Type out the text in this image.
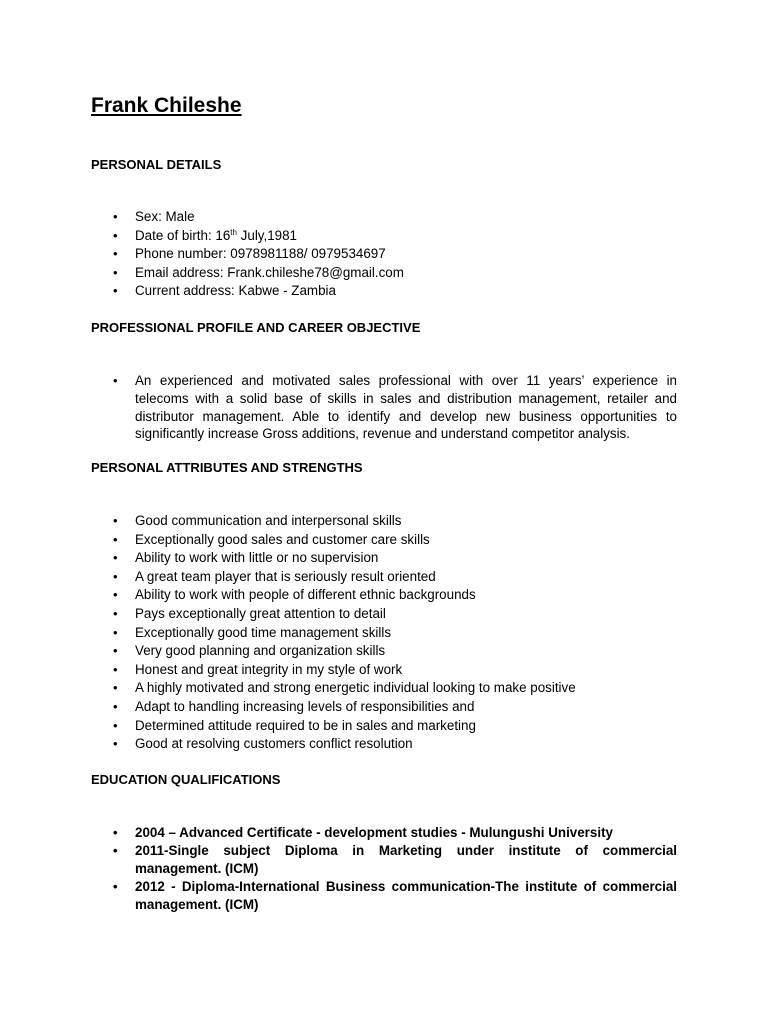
Frank Chileshe
PERSONAL DETAILS
• Sex: Male
• Date of birth: 16th July,1981
• Phone number: 0978981188/ 0979534697
• Email address: Frank.chileshe78@gmail.com
• Current address: Kabwe - Zambia
PROFESSIONAL PROFILE AND CAREER OBJECTIVE
• An experienced and motivated sales professional with over 11 years’ experience in telecoms with a solid base of skills in sales and distribution management, retailer and distributor management. Able to identify and develop new business opportunities to significantly increase Gross additions, revenue and understand competitor analysis.
PERSONAL ATTRIBUTES AND STRENGTHS
• Good communication and interpersonal skills
• Exceptionally good sales and customer care skills
• Ability to work with little or no supervision
• A great team player that is seriously result oriented
• Ability to work with people of different ethnic backgrounds
• Pays exceptionally great attention to detail
• Exceptionally good time management skills
• Very good planning and organization skills
• Honest and great integrity in my style of work
• A highly motivated and strong energetic individual looking to make positive
• Adapt to handling increasing levels of responsibilities and
• Determined attitude required to be in sales and marketing
• Good at resolving customers conflict resolution
EDUCATION QUALIFICATIONS
• 2004 – Advanced Certificate - development studies - Mulungushi University
• 2011-Single subject Diploma in Marketing under institute of commercial management. (ICM)
• 2012 - Diploma-International Business communication-The institute of commercial management. (ICM)
